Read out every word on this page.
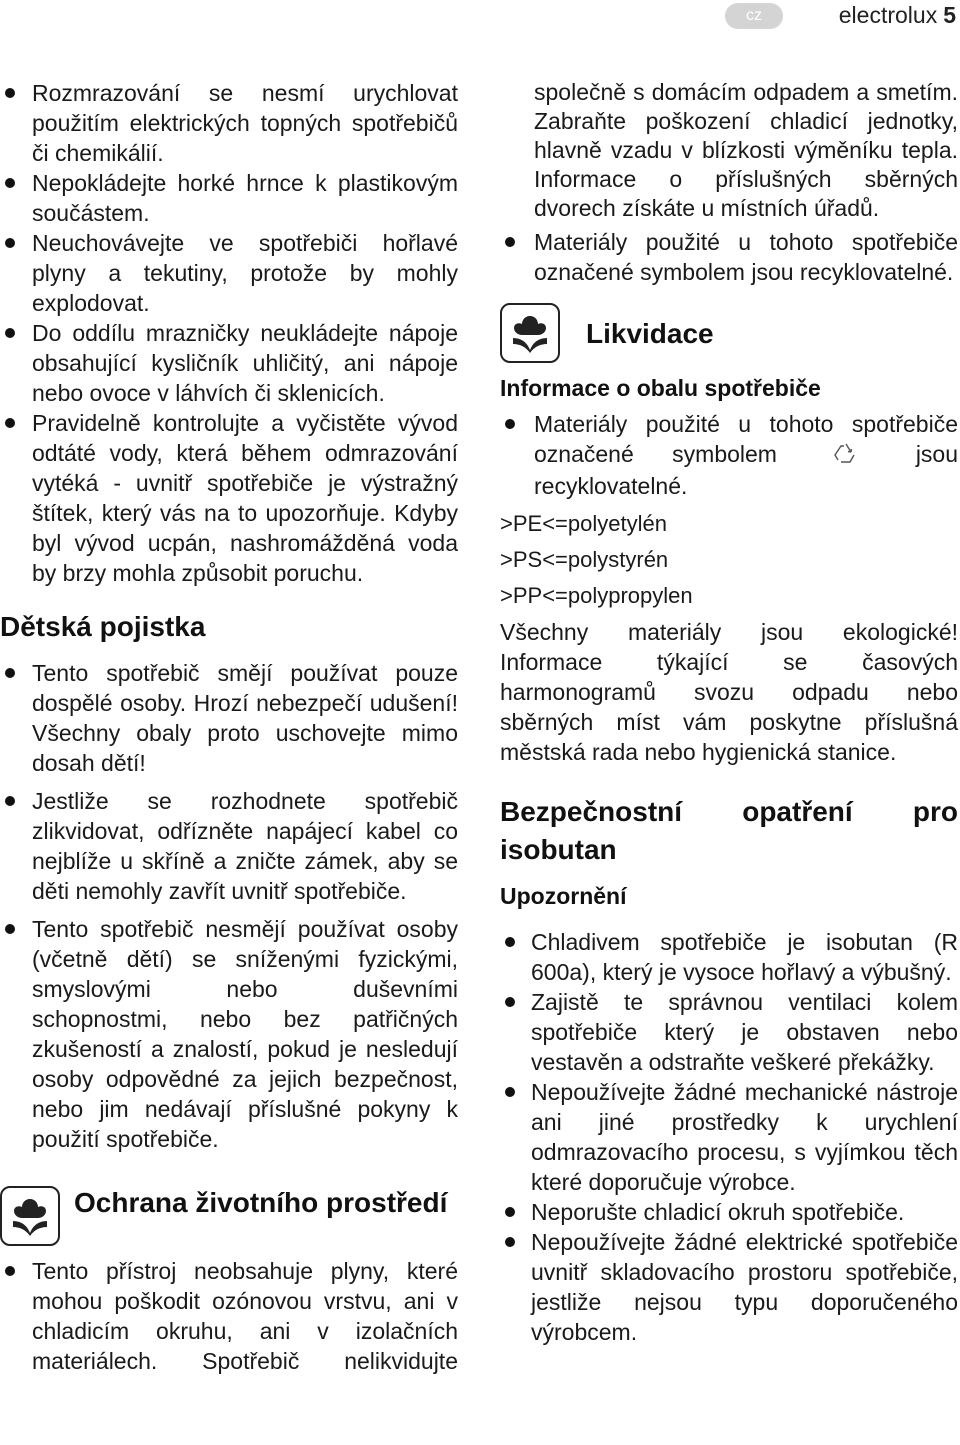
cz	electrolux 5
Rozmrazování se nesmí urychlovat použitím elektrických topných spotřebičů či chemikálií.
Nepokládejte horké hrnce k plastikovým součástem.
Neuchovávejte ve spotřebiči hořlavé plyny a tekutiny, protože by mohly explodovat.
Do oddílu mrazničky neukládejte nápoje obsahující kysličník uhličitý, ani nápoje nebo ovoce v láhvích či sklenicích.
Pravidelně kontrolujte a vyčistěte vývod odtáté vody, která během odmrazování vytéká - uvnitř spotřebiče je výstražný štítek, který vás na to upozorňuje. Kdyby byl vývod ucpán, nashromážděná voda by brzy mohla způsobit poruchu.
Dětská pojistka
Tento spotřebič smějí používat pouze dospělé osoby. Hrozí nebezpečí udušení! Všechny obaly proto uschovejte mimo dosah dětí!
Jestliže se rozhodnete spotřebič zlikvidovat, odřízněte napájecí kabel co nejblíže u skříně a zničte zámek, aby se děti nemohly zavřít uvnitř spotřebiče.
Tento spotřebič nesmějí používat osoby (včetně dětí) se sníženými fyzickými, smyslovými nebo duševními schopnostmi, nebo bez patřičných zkušeností a znalostí, pokud je nesledují osoby odpovědné za jejich bezpečnost, nebo jim nedávají příslušné pokyny k použití spotřebiče.
Ochrana životního prostředí
Tento přístroj neobsahuje plyny, které mohou poškodit ozónovou vrstvu, ani v chladicím okruhu, ani v izolačních materiálech. Spotřebič nelikvidujte

společně s domácím odpadem a smetím. Zabraňte poškození chladicí jednotky, hlavně vzadu v blízkosti výměníku tepla. Informace o příslušných sběrných dvorech získáte u místních úřadů.

Materiály použité u tohoto spotřebiče označené symbolem jsou recyklovatelné.
Likvidace
Informace o obalu spotřebiče
Materiály použité u tohoto spotřebiče označené symbolem	jsou recyklovatelné.

>PE<=polyetylén

>PS<=polystyrén

>PP<=polypropylen

Všechny materiály jsou ekologické! Informace týkající se časových harmonogramů svozu odpadu nebo sběrných míst vám poskytne příslušná městská rada nebo hygienická stanice.

Bezpečnostní opatření pro isobutan
Upozornění
Chladivem spotřebiče je isobutan (R 600a), který je vysoce hořlavý a výbušný.
Zajistě te správnou ventilaci kolem spotřebiče který je obstaven nebo vestavěn a odstraňte veškeré překážky.
Nepoužívejte žádné mechanické nástroje ani jiné prostředky k urychlení odmrazovacího procesu, s vyjímkou těch které doporučuje výrobce.
Neporušte chladicí okruh spotřebiče.
Nepoužívejte žádné elektrické spotřebiče uvnitř skladovacího prostoru spotřebiče, jestliže nejsou typu doporučeného výrobcem.
